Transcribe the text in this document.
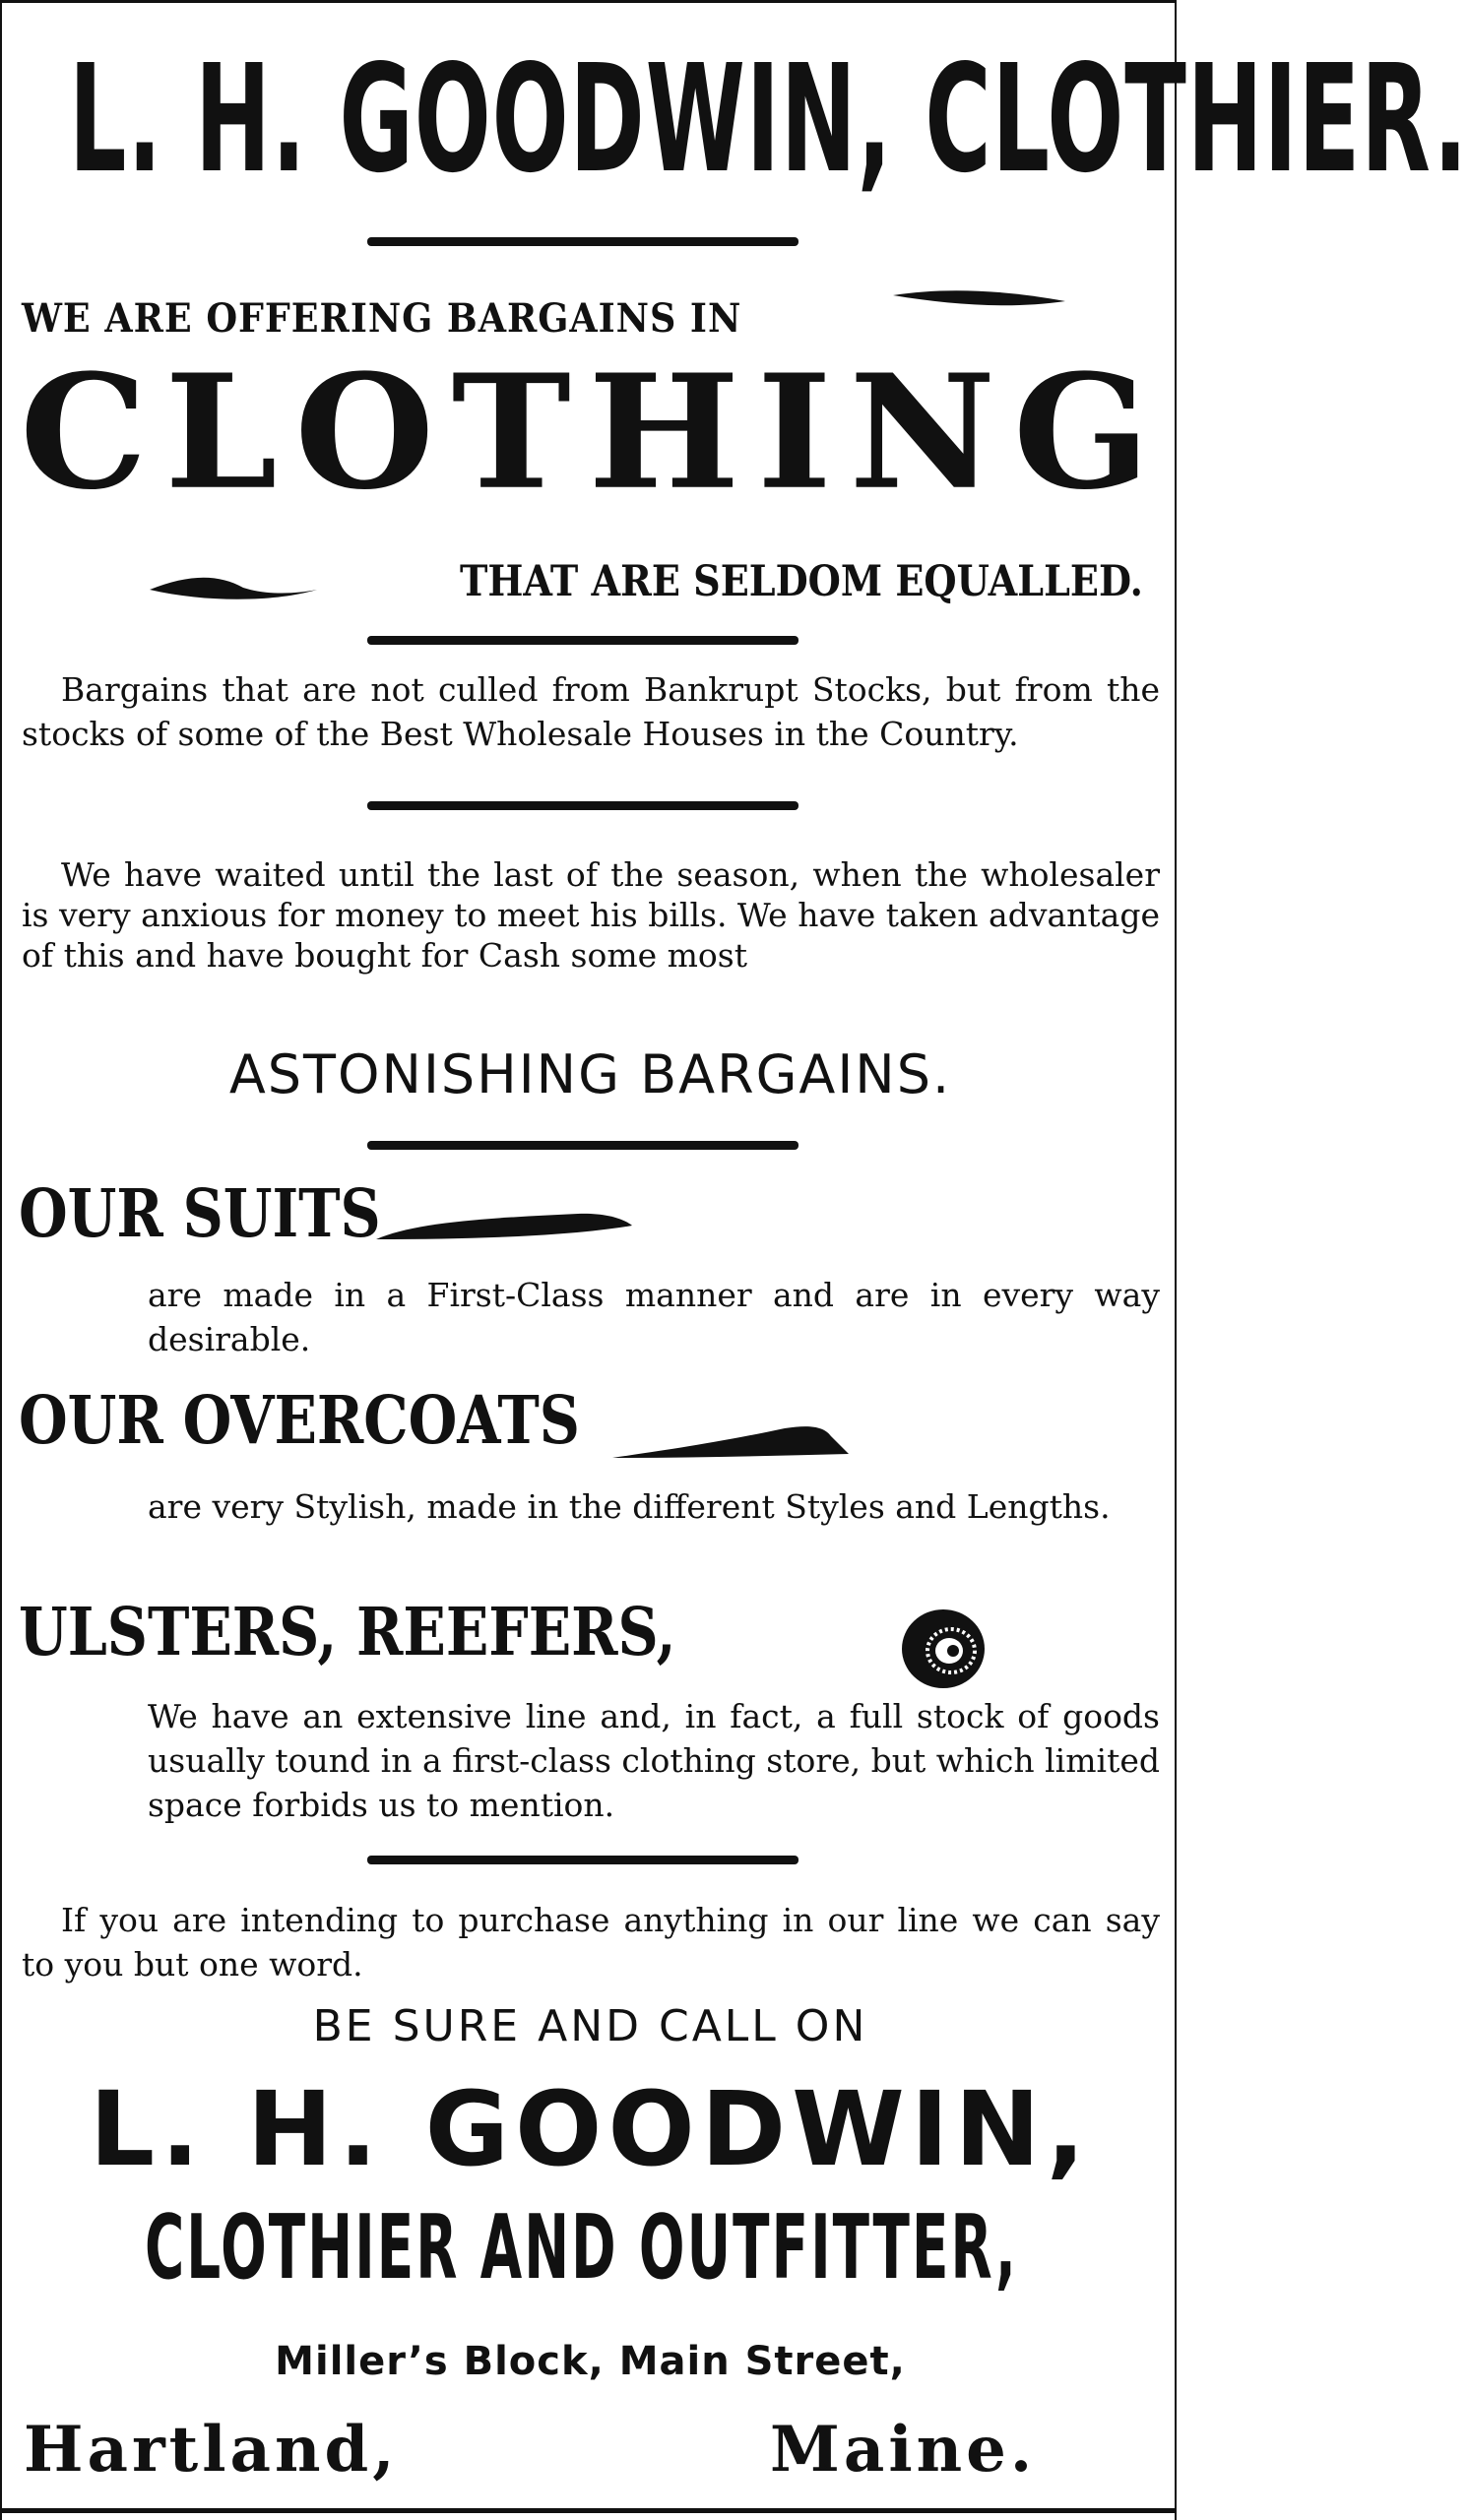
L. H. GOODWIN, CLOTHIER.
WE ARE OFFERING BARGAINS IN
CLOTHING
THAT ARE SELDOM EQUALLED.
Bargains that are not culled from Bankrupt Stocks, but from the stocks of some of the Best Wholesale Houses in the Country.
We have waited until the last of the season, when the wholesaler is very anxious for money to meet his bills. We have taken advantage of this and have bought for Cash some most
ASTONISHING BARGAINS.
OUR SUITS
are made in a First-Class manner and are in every way desirable.
OUR OVERCOATS
are very Stylish, made in the different Styles and Lengths.
ULSTERS, REEFERS,
We have an extensive line and, in fact, a full stock of goods usually tound in a first-class clothing store, but which limited space forbids us to mention.
If you are intending to purchase anything in our line we can say to you but one word.
BE SURE AND CALL ON
L. H. GOODWIN,
CLOTHIER AND OUTFITTER,
Miller’s Block, Main Street,
Hartland,	Maine.
